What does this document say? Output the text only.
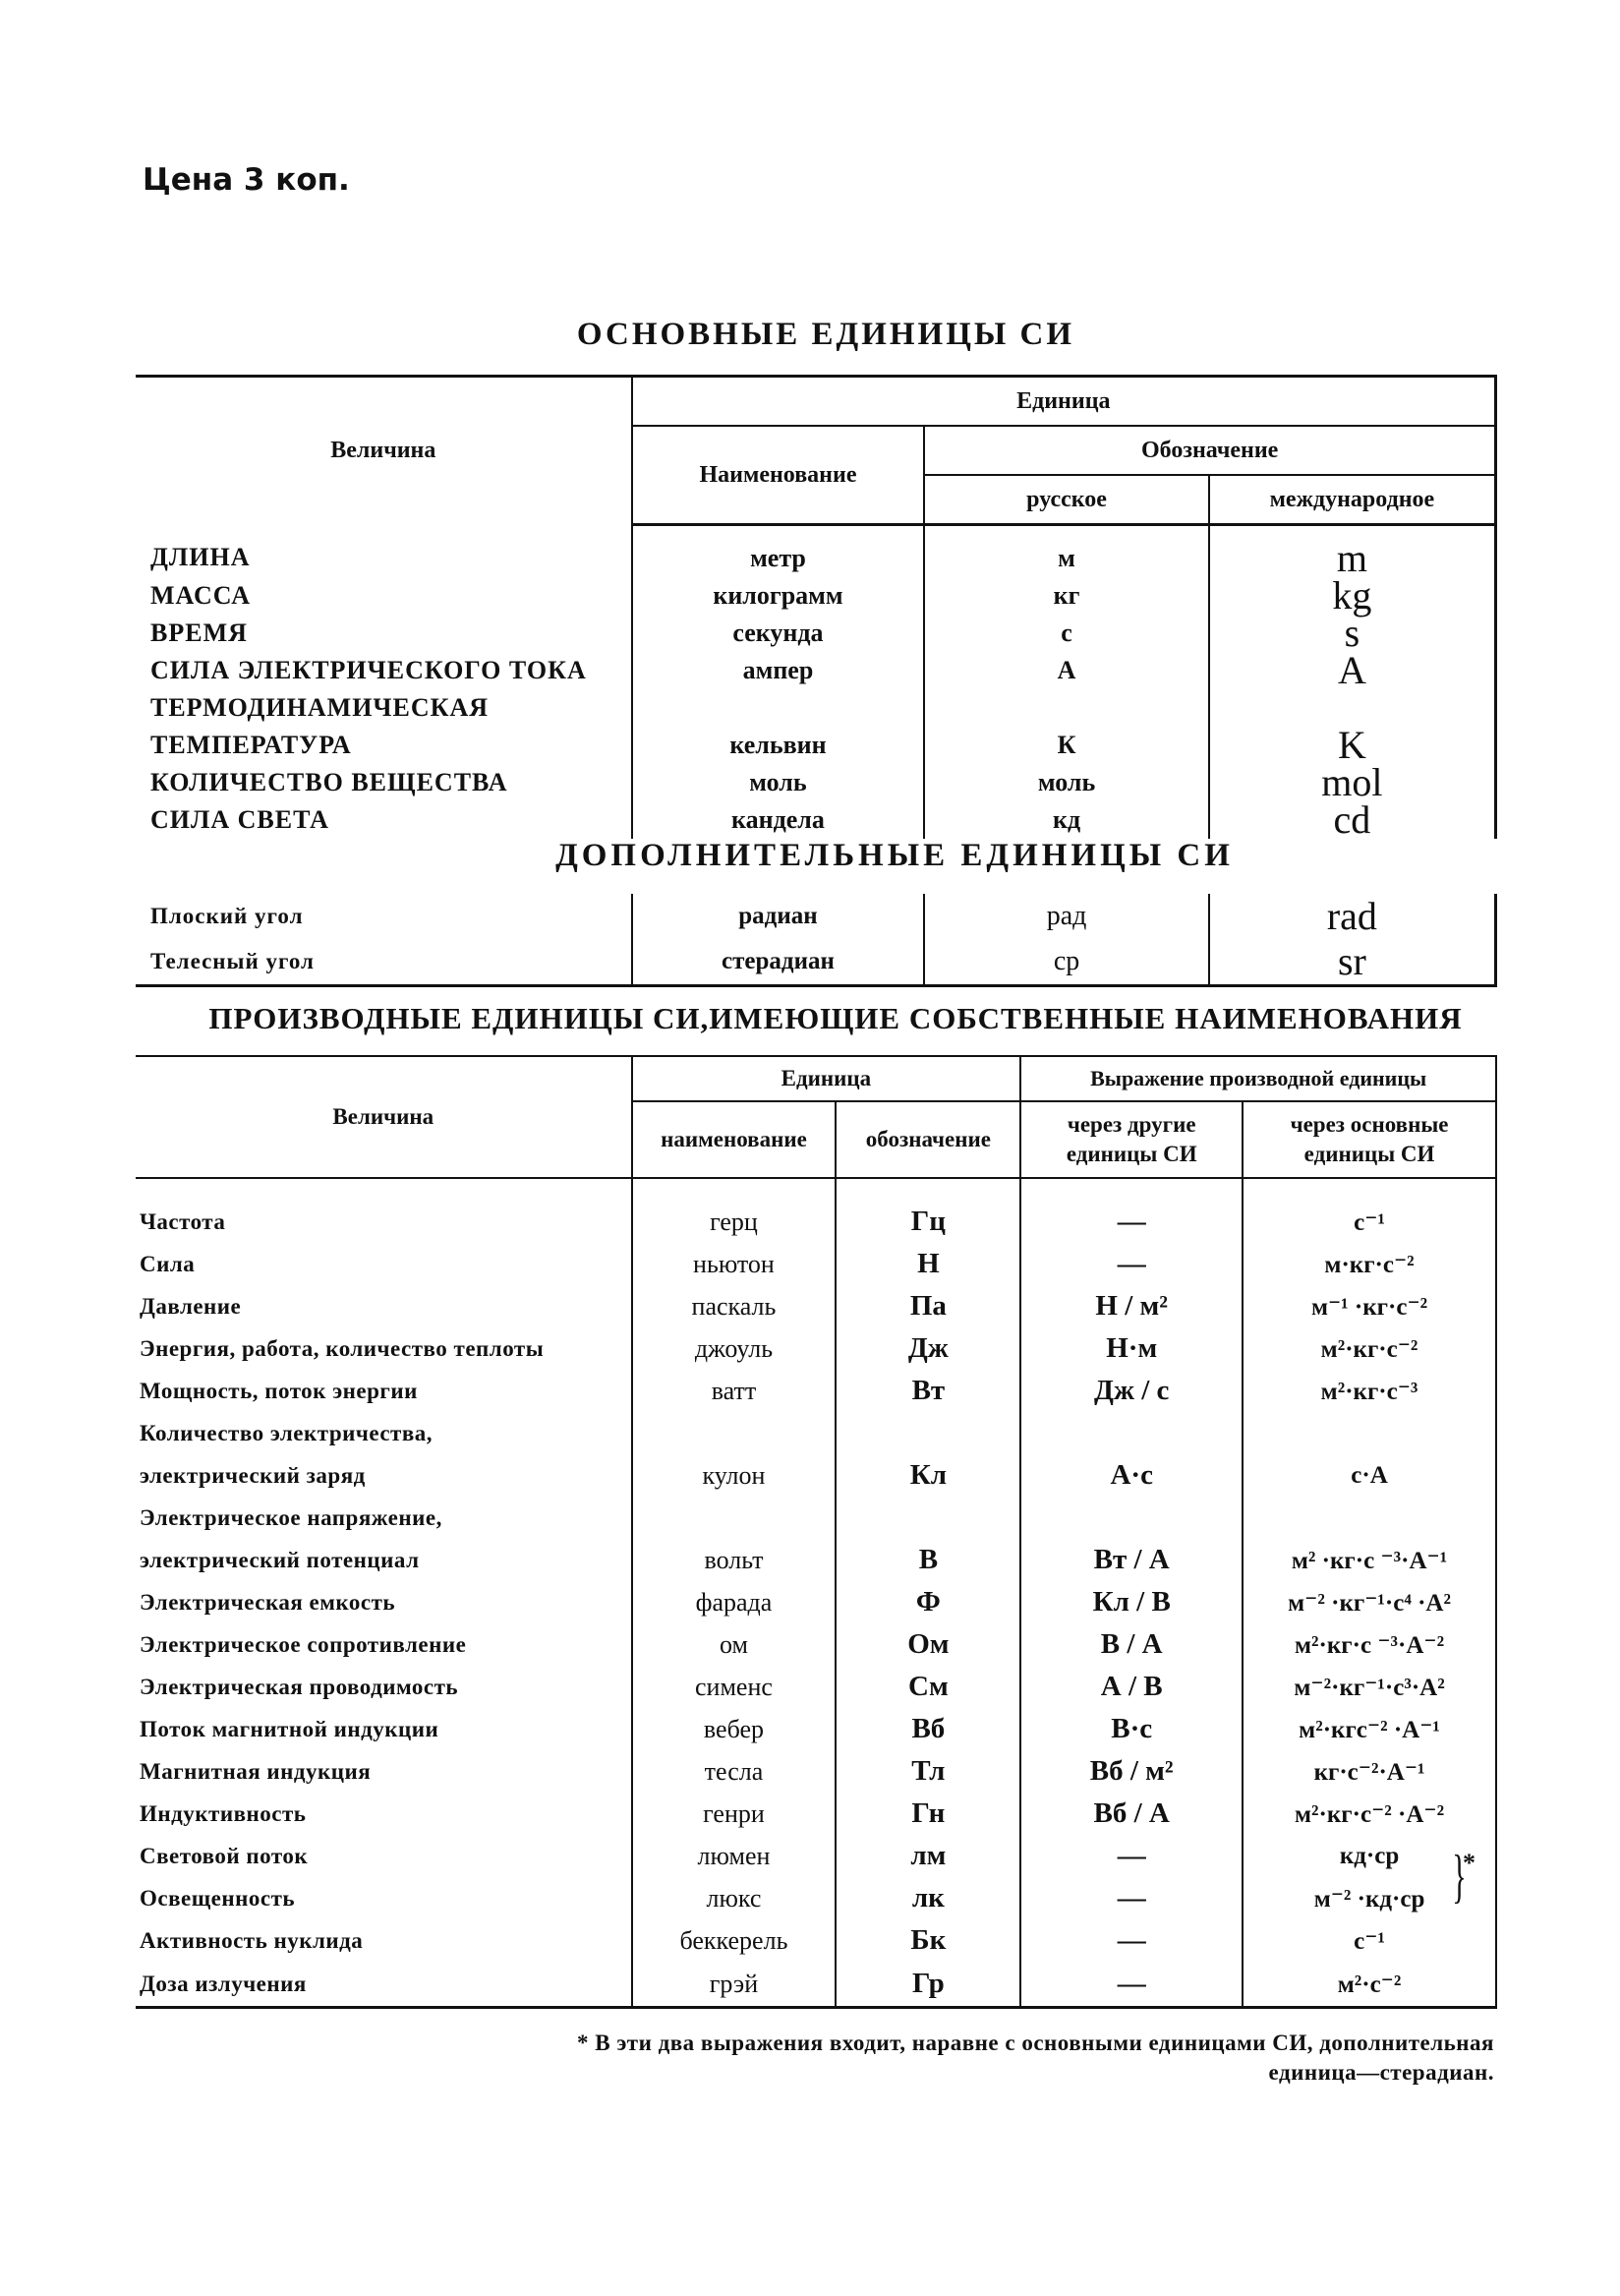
Цена 3 коп.
ОСНОВНЫЕ ЕДИНИЦЫ СИ
Величина	Единица		
	Наименование	Обозначение	
		русское	международное
ДЛИНА	метр	м	m
МАССА	килограмм	кг	kg
ВРЕМЯ	секунда	с	s
СИЛА ЭЛЕКТРИЧЕСКОГО ТОКА	ампер	А	A
ТЕРМОДИНАМИЧЕСКАЯ			
ТЕМПЕРАТУРА	кельвин	К	K
КОЛИЧЕСТВО ВЕЩЕСТВА	моль	моль	mol
СИЛА СВЕТА	кандела	кд	cd

Плоский угол	радиан	рад	rad
Телесный угол	стерадиан	ср	sr
ДОПОЛНИТЕЛЬНЫЕ ЕДИНИЦЫ СИ
ПРОИЗВОДНЫЕ ЕДИНИЦЫ СИ,ИМЕЮЩИЕ СОБСТВЕННЫЕ НАИМЕНОВАНИЯ
Величина	Единица		Выражение производной единицы	
	наименование	обозначение	через другие единицы СИ	через основные единицы СИ

Частота	герц	Гц	—	с⁻¹
Сила	ньютон	Н	—	м·кг·с⁻²
Давление	паскаль	Па	Н / м²	м⁻¹ ·кг·с⁻²
Энергия, работа, количество теплоты	джоуль	Дж	Н·м	м²·кг·с⁻²
Мощность, поток энергии	ватт	Вт	Дж / с	м²·кг·с⁻³
Количество электричества,				
электрический заряд	кулон	Кл	А·с	с·А
Электрическое напряжение,				
электрический потенциал	вольт	В	Вт / А	м² ·кг·с ⁻³·А⁻¹
Электрическая емкость	фарада	Ф	Кл / В	м⁻² ·кг⁻¹·с⁴ ·А²
Электрическое сопротивление	ом	Ом	В / А	м²·кг·с ⁻³·А⁻²
Электрическая проводимость	сименс	См	А / В	м⁻²·кг⁻¹·с³·А²
Поток магнитной индукции	вебер	Вб	В·с	м²·кгс⁻² ·А⁻¹
Магнитная индукция	тесла	Тл	Вб / м²	кг·с⁻²·А⁻¹
Индуктивность	генри	Гн	Вб / А	м²·кг·с⁻² ·А⁻²
Световой поток	люмен	лм	—	кд·ср
Освещенность	люкс	лк	—	м⁻² ·кд·ср
Активность нуклида	беккерель	Бк	—	с⁻¹
Доза излучения	грэй	Гр	—	м²·с⁻²
}
*
* В эти два выражения входит, наравне с основными единицами СИ, дополнительная
единица—стерадиан.
